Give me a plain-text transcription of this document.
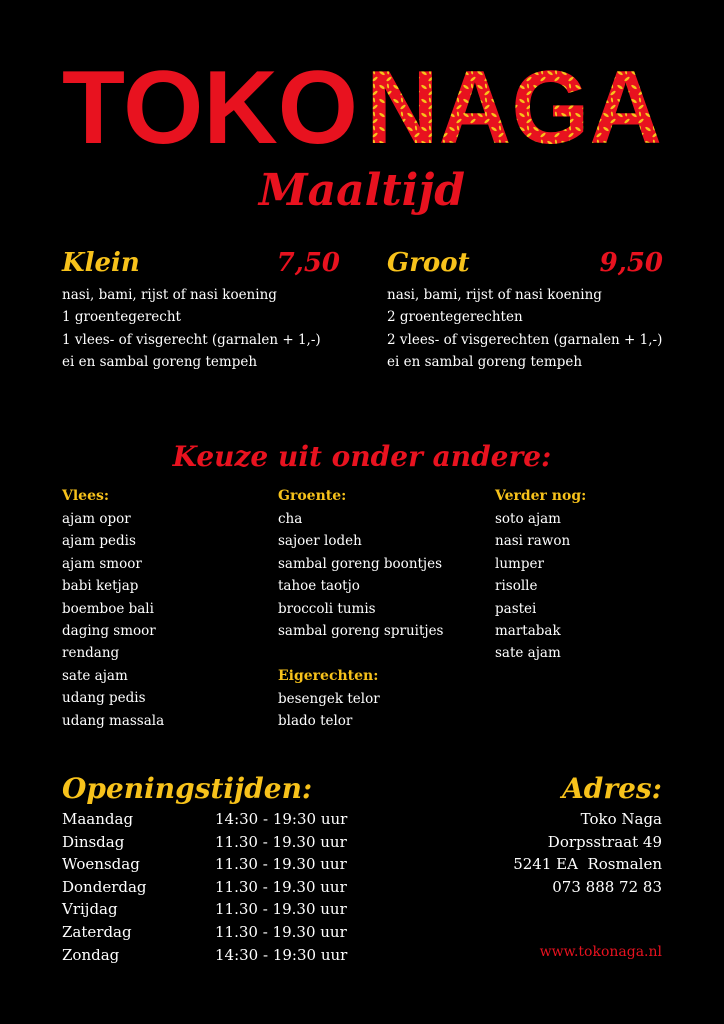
TOKO NAGA
Maaltijd
Klein	7,50

nasi, bami, rijst of nasi koening

1 groentegerecht

1 vlees- of visgerecht (garnalen + 1,-)

ei en sambal goreng tempeh

Groot	9,50

nasi, bami, rijst of nasi koening

2 groentegerechten

2 vlees- of visgerechten (garnalen + 1,-)

ei en sambal goreng tempeh

Keuze uit onder andere:

Vlees:

ajam opor

ajam pedis

ajam smoor

babi ketjap

boemboe bali

daging smoor

rendang

sate ajam

udang pedis

udang massala

Groente:

cha

sajoer lodeh

sambal goreng boontjes

tahoe taotjo

broccoli tumis

sambal goreng spruitjes

Eigerechten:

besengek telor

blado telor

Verder nog:

soto ajam

nasi rawon

lumper

risolle

pastei

martabak

sate ajam

Openingstijden:
Maandag	14:30 - 19:30 uur
Dinsdag	11.30 - 19.30 uur
Woensdag	11.30 - 19.30 uur
Donderdag	11.30 - 19.30 uur
Vrijdag	11.30 - 19.30 uur
Zaterdag	11.30 - 19.30 uur
Zondag	14:30 - 19:30 uur
Adres:

Toko Naga

Dorpsstraat 49

5241 EA  Rosmalen

073 888 72 83

www.tokonaga.nl
